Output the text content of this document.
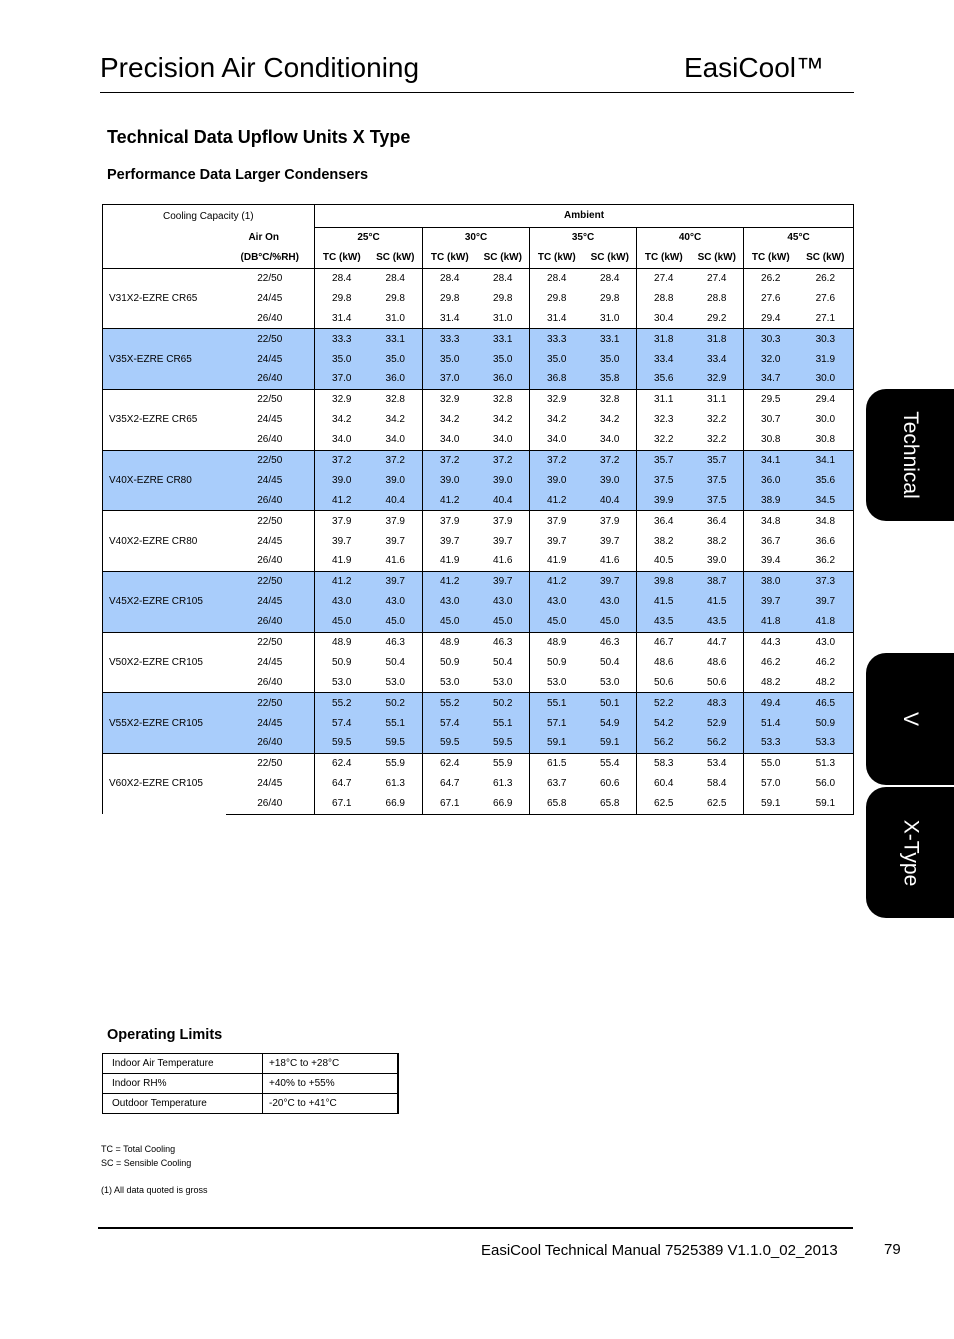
Precision Air Conditioning	EasiCool™
Technical Data Upflow Units X Type
Performance Data Larger Condensers
Cooling Capacity (1)		Ambient									
	Air On	25°C		30°C		35°C		40°C		45°C	
	(DB°C/%RH)	TC (kW)	SC (kW)	TC (kW)	SC (kW)	TC (kW)	SC (kW)	TC (kW)	SC (kW)	TC (kW)	SC (kW)
V31X2-EZRE CR65	22/50	28.4	28.4	28.4	28.4	28.4	28.4	27.4	27.4	26.2	26.2
	24/45	29.8	29.8	29.8	29.8	29.8	29.8	28.8	28.8	27.6	27.6
	26/40	31.4	31.0	31.4	31.0	31.4	31.0	30.4	29.2	29.4	27.1
V35X-EZRE CR65	22/50	33.3	33.1	33.3	33.1	33.3	33.1	31.8	31.8	30.3	30.3
	24/45	35.0	35.0	35.0	35.0	35.0	35.0	33.4	33.4	32.0	31.9
	26/40	37.0	36.0	37.0	36.0	36.8	35.8	35.6	32.9	34.7	30.0
V35X2-EZRE CR65	22/50	32.9	32.8	32.9	32.8	32.9	32.8	31.1	31.1	29.5	29.4
	24/45	34.2	34.2	34.2	34.2	34.2	34.2	32.3	32.2	30.7	30.0
	26/40	34.0	34.0	34.0	34.0	34.0	34.0	32.2	32.2	30.8	30.8
V40X-EZRE CR80	22/50	37.2	37.2	37.2	37.2	37.2	37.2	35.7	35.7	34.1	34.1
	24/45	39.0	39.0	39.0	39.0	39.0	39.0	37.5	37.5	36.0	35.6
	26/40	41.2	40.4	41.2	40.4	41.2	40.4	39.9	37.5	38.9	34.5
V40X2-EZRE CR80	22/50	37.9	37.9	37.9	37.9	37.9	37.9	36.4	36.4	34.8	34.8
	24/45	39.7	39.7	39.7	39.7	39.7	39.7	38.2	38.2	36.7	36.6
	26/40	41.9	41.6	41.9	41.6	41.9	41.6	40.5	39.0	39.4	36.2
V45X2-EZRE CR105	22/50	41.2	39.7	41.2	39.7	41.2	39.7	39.8	38.7	38.0	37.3
	24/45	43.0	43.0	43.0	43.0	43.0	43.0	41.5	41.5	39.7	39.7
	26/40	45.0	45.0	45.0	45.0	45.0	45.0	43.5	43.5	41.8	41.8
V50X2-EZRE CR105	22/50	48.9	46.3	48.9	46.3	48.9	46.3	46.7	44.7	44.3	43.0
	24/45	50.9	50.4	50.9	50.4	50.9	50.4	48.6	48.6	46.2	46.2
	26/40	53.0	53.0	53.0	53.0	53.0	53.0	50.6	50.6	48.2	48.2
V55X2-EZRE CR105	22/50	55.2	50.2	55.2	50.2	55.1	50.1	52.2	48.3	49.4	46.5
	24/45	57.4	55.1	57.4	55.1	57.1	54.9	54.2	52.9	51.4	50.9
	26/40	59.5	59.5	59.5	59.5	59.1	59.1	56.2	56.2	53.3	53.3
V60X2-EZRE CR105	22/50	62.4	55.9	62.4	55.9	61.5	55.4	58.3	53.4	55.0	51.3
	24/45	64.7	61.3	64.7	61.3	63.7	60.6	60.4	58.4	57.0	56.0
	26/40	67.1	66.9	67.1	66.9	65.8	65.8	62.5	62.5	59.1	59.1
Operating Limits
Indoor Air Temperature	+18°C to +28°C
Indoor RH%	+40% to +55%
Outdoor Temperature	-20°C to +41°C
TC = Total Cooling
SC = Sensible Cooling
(1) All data quoted is gross
EasiCool Technical Manual 7525389 V1.1.0_02_2013	79
Technical
V
X-Type
